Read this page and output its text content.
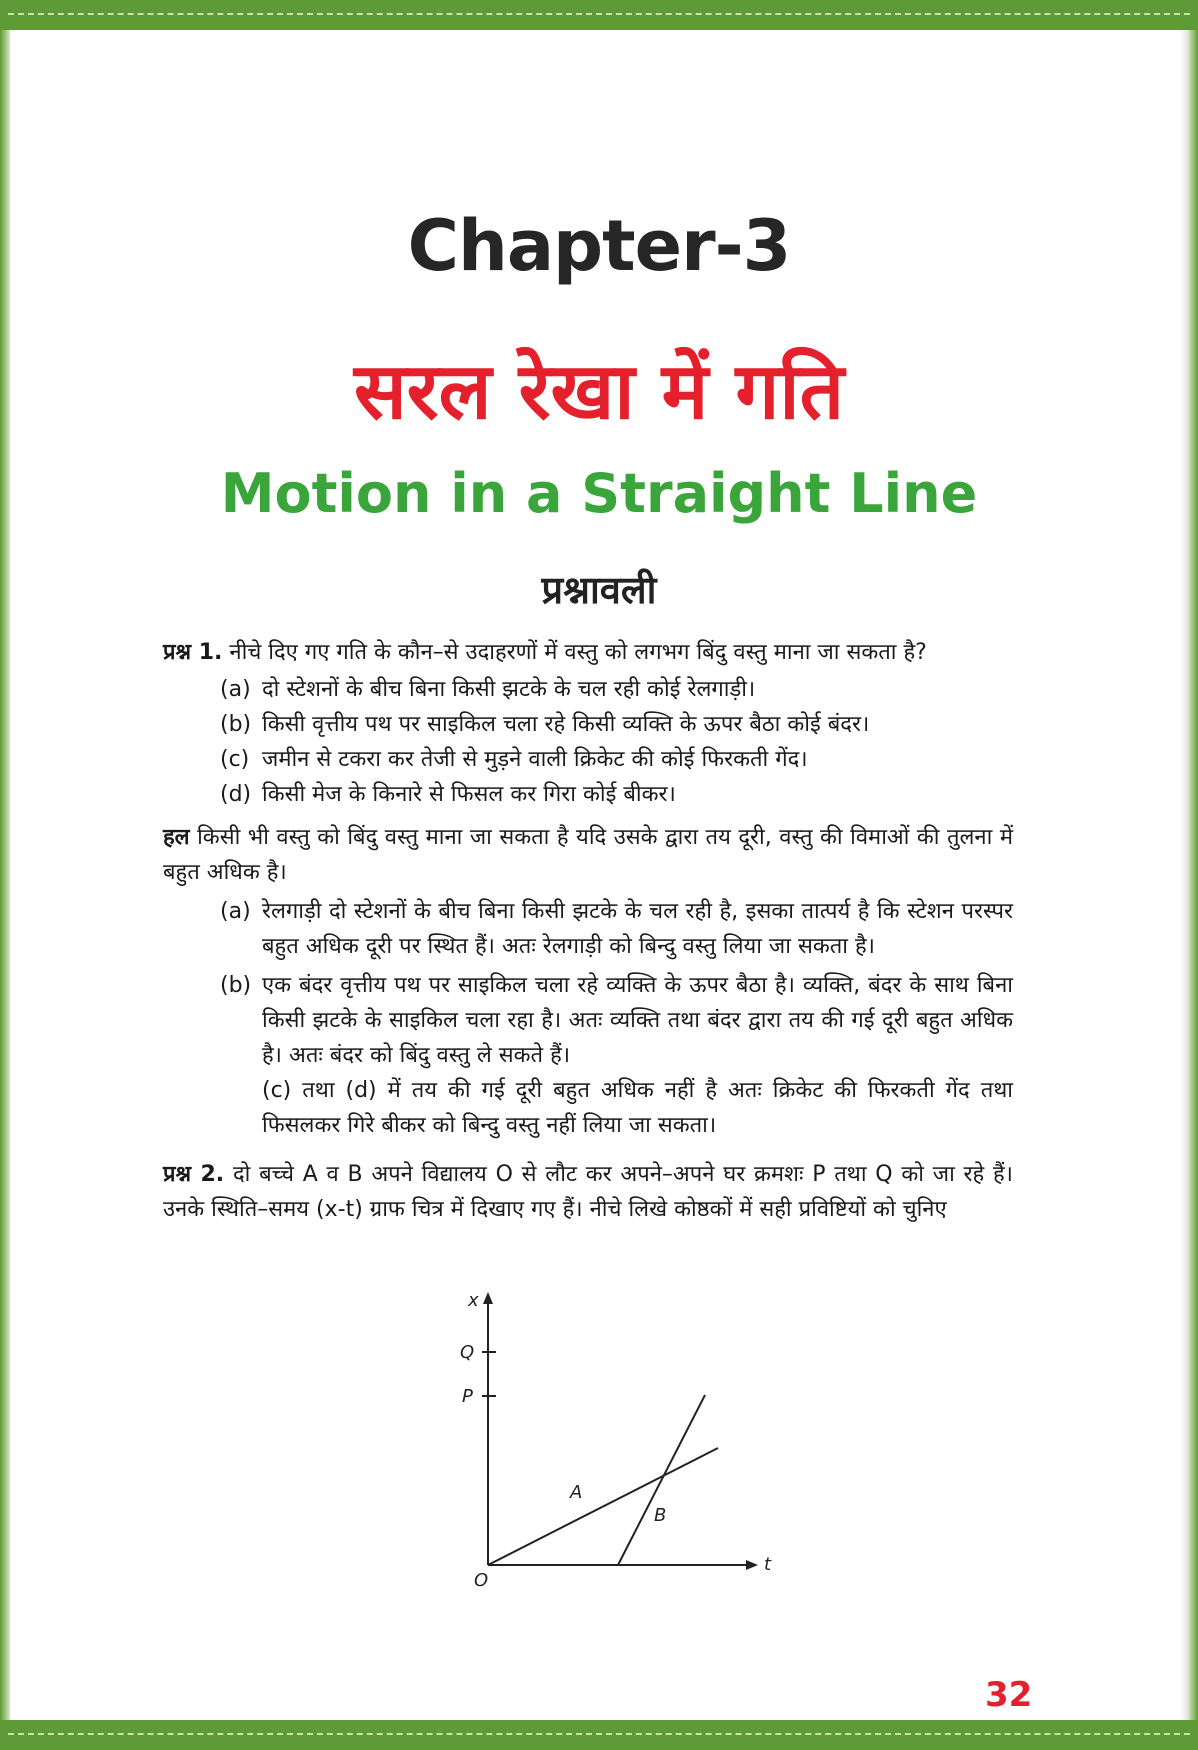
Chapter-3
सरल रेखा में गति
Motion in a Straight Line
प्रश्नावली

प्रश्न 1. नीचे दिए गए गति के कौन–से उदाहरणों में वस्तु को लगभग बिंदु वस्तु माना जा सकता है?

(a) दो स्टेशनों के बीच बिना किसी झटके के चल रही कोई रेलगाड़ी।
(b) किसी वृत्तीय पथ पर साइकिल चला रहे किसी व्यक्ति के ऊपर बैठा कोई बंदर।
(c) जमीन से टकरा कर तेजी से मुड़ने वाली क्रिकेट की कोई फिरकती गेंद।
(d) किसी मेज के किनारे से फिसल कर गिरा कोई बीकर।

हल किसी भी वस्तु को बिंदु वस्तु माना जा सकता है यदि उसके द्वारा तय दूरी, वस्तु की विमाओं की तुलना में बहुत अधिक है।

(a) रेलगाड़ी दो स्टेशनों के बीच बिना किसी झटके के चल रही है, इसका तात्पर्य है कि स्टेशन परस्पर बहुत अधिक दूरी पर स्थित हैं। अतः रेलगाड़ी को बिन्दु वस्तु लिया जा सकता है।
(b) एक बंदर वृत्तीय पथ पर साइकिल चला रहे व्यक्ति के ऊपर बैठा है। व्यक्ति, बंदर के साथ बिना किसी झटके के साइकिल चला रहा है। अतः व्यक्ति तथा बंदर द्वारा तय की गई दूरी बहुत अधिक है। अतः बंदर को बिंदु वस्तु ले सकते हैं।
(c) तथा (d) में तय की गई दूरी बहुत अधिक नहीं है अतः क्रिकेट की फिरकती गेंद तथा फिसलकर गिरे बीकर को बिन्दु वस्तु नहीं लिया जा सकता।

प्रश्न 2. दो बच्चे A व B अपने विद्यालय O से लौट कर अपने–अपने घर क्रमशः P तथा Q को जा रहे हैं। उनके स्थिति–समय (x-t) ग्राफ चित्र में दिखाए गए हैं। नीचे लिखे कोष्ठकों में सही प्रविष्टियों को चुनिए

x
Q
P
O
t
A
B
32
